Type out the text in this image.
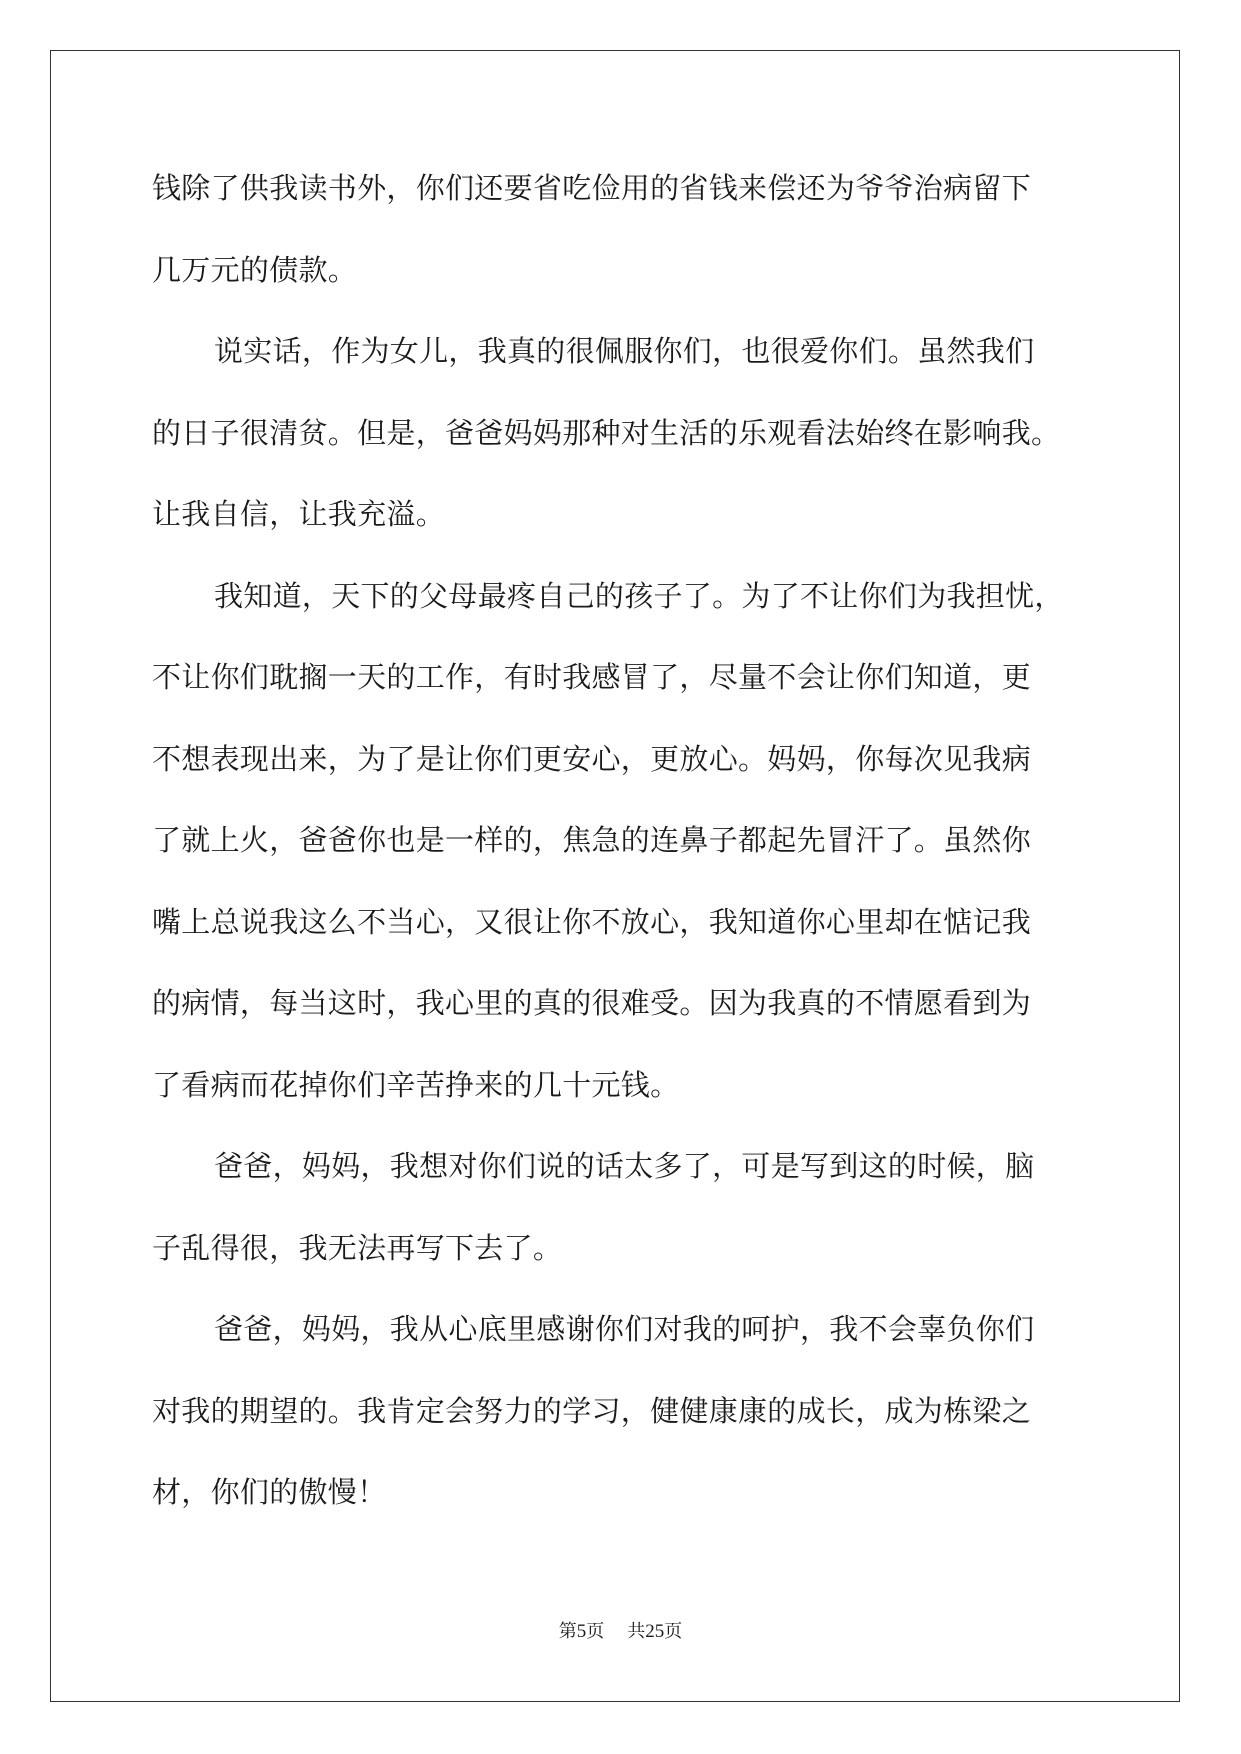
钱除了供我读书外，你们还要省吃俭用的省钱来偿还为爷爷治病留下
几万元的债款。
说实话，作为女儿，我真的很佩服你们，也很爱你们。虽然我们
的日子很清贫。但是，爸爸妈妈那种对生活的乐观看法始终在影响我。
让我自信，让我充溢。
我知道，天下的父母最疼自己的孩子了。为了不让你们为我担忧，
不让你们耽搁一天的工作，有时我感冒了，尽量不会让你们知道，更
不想表现出来，为了是让你们更安心，更放心。妈妈，你每次见我病
了就上火，爸爸你也是一样的，焦急的连鼻子都起先冒汗了。虽然你
嘴上总说我这么不当心，又很让你不放心，我知道你心里却在惦记我
的病情，每当这时，我心里的真的很难受。因为我真的不情愿看到为
了看病而花掉你们辛苦挣来的几十元钱。
爸爸，妈妈，我想对你们说的话太多了，可是写到这的时候，脑
子乱得很，我无法再写下去了。
爸爸，妈妈，我从心底里感谢你们对我的呵护，我不会辜负你们
对我的期望的。我肯定会努力的学习，健健康康的成长，成为栋梁之
材，你们的傲慢！
第5页 共25页
